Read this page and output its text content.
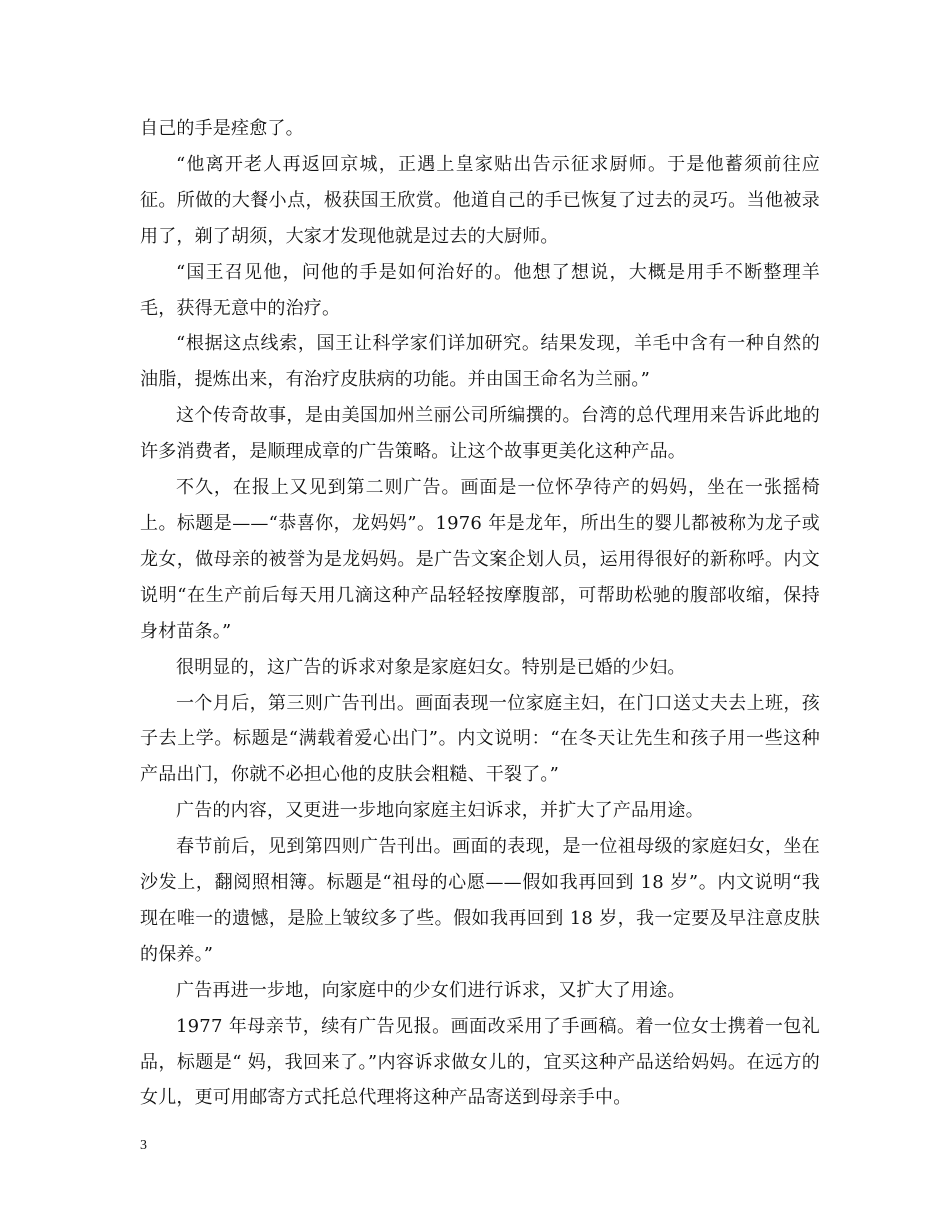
自己的手是痊愈了。

“他离开老人再返回京城，正遇上皇家贴出告示征求厨师。于是他蓄须前往应征。所做的大餐小点，极获国王欣赏。他道自己的手已恢复了过去的灵巧。当他被录用了，剃了胡须，大家才发现他就是过去的大厨师。

“国王召见他，问他的手是如何治好的。他想了想说，大概是用手不断整理羊毛，获得无意中的治疗。

“根据这点线索，国王让科学家们详加研究。结果发现，羊毛中含有一种自然的油脂，提炼出来，有治疗皮肤病的功能。并由国王命名为兰丽。”

这个传奇故事，是由美国加州兰丽公司所编撰的。台湾的总代理用来告诉此地的许多消费者，是顺理成章的广告策略。让这个故事更美化这种产品。

不久，在报上又见到第二则广告。画面是一位怀孕待产的妈妈，坐在一张摇椅上。标题是——“恭喜你，龙妈妈”。1976 年是龙年，所出生的婴儿都被称为龙子或龙女，做母亲的被誉为是龙妈妈。是广告文案企划人员，运用得很好的新称呼。内文说明“在生产前后每天用几滴这种产品轻轻按摩腹部，可帮助松驰的腹部收缩，保持身材苗条。”

很明显的，这广告的诉求对象是家庭妇女。特别是已婚的少妇。

一个月后，第三则广告刊出。画面表现一位家庭主妇，在门口送丈夫去上班，孩子去上学。标题是“满载着爱心出门”。内文说明：“在冬天让先生和孩子用一些这种产品出门，你就不必担心他的皮肤会粗糙、干裂了。”

广告的内容，又更进一步地向家庭主妇诉求，并扩大了产品用途。

春节前后，见到第四则广告刊出。画面的表现，是一位祖母级的家庭妇女，坐在沙发上，翻阅照相簿。标题是“祖母的心愿——假如我再回到 18 岁”。内文说明“我现在唯一的遗憾，是脸上皱纹多了些。假如我再回到 18 岁，我一定要及早注意皮肤的保养。”

广告再进一步地，向家庭中的少女们进行诉求，又扩大了用途。

1977 年母亲节，续有广告见报。画面改采用了手画稿。着一位女士携着一包礼品，标题是“ 妈，我回来了。”内容诉求做女儿的，宜买这种产品送给妈妈。在远方的女儿，更可用邮寄方式托总代理将这种产品寄送到母亲手中。

3
